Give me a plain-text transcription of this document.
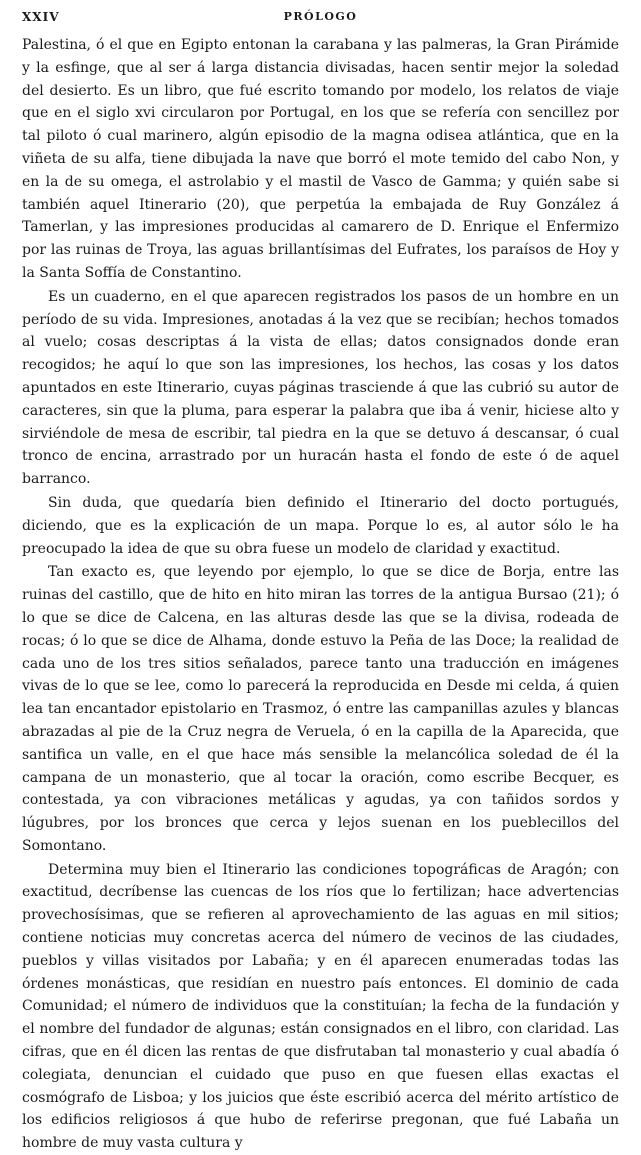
XXIV	PRÓLOGO

Palestina, ó el que en Egipto entonan la carabana y las palmeras, la Gran Pirámide y la esfinge, que al ser á larga distancia divisadas, hacen sentir mejor la soledad del desierto. Es un libro, que fué escrito tomando por modelo, los relatos de viaje que en el siglo xvi circularon por Portugal, en los que se refería con sencillez por tal piloto ó cual marinero, algún episodio de la magna odisea atlántica, que en la viñeta de su alfa, tiene dibujada la nave que borró el mote temido del cabo Non, y en la de su omega, el astrolabio y el mastil de Vasco de Gamma; y quién sabe si también aquel Itinerario (20), que perpetúa la embajada de Ruy González á Tamerlan, y las impresiones producidas al camarero de D. Enrique el Enfermizo por las ruinas de Troya, las aguas brillantísimas del Eufrates, los paraísos de Hoy y la Santa Soffía de Constantino.

Es un cuaderno, en el que aparecen registrados los pasos de un hombre en un período de su vida. Impresiones, anotadas á la vez que se recibían; hechos tomados al vuelo; cosas descriptas á la vista de ellas; datos consignados donde eran recogidos; he aquí lo que son las impresiones, los hechos, las cosas y los datos apuntados en este Itinerario, cuyas páginas trasciende á que las cubrió su autor de caracteres, sin que la pluma, para esperar la palabra que iba á venir, hiciese alto y sirviéndole de mesa de escribir, tal piedra en la que se detuvo á descansar, ó cual tronco de encina, arrastrado por un huracán hasta el fondo de este ó de aquel barranco.

Sin duda, que quedaría bien definido el Itinerario del docto portugués, diciendo, que es la explicación de un mapa. Porque lo es, al autor sólo le ha preocupado la idea de que su obra fuese un modelo de claridad y exactitud.

Tan exacto es, que leyendo por ejemplo, lo que se dice de Borja, entre las ruinas del castillo, que de hito en hito miran las torres de la antigua Bursao (21); ó lo que se dice de Calcena, en las alturas desde las que se la divisa, rodeada de rocas; ó lo que se dice de Alhama, donde estuvo la Peña de las Doce; la realidad de cada uno de los tres sitios señalados, parece tanto una traducción en imágenes vivas de lo que se lee, como lo parecerá la reproducida en Desde mi celda, á quien lea tan encantador epistolario en Trasmoz, ó entre las campanillas azules y blancas abrazadas al pie de la Cruz negra de Veruela, ó en la capilla de la Aparecida, que santifica un valle, en el que hace más sensible la melancólica soledad de él la campana de un monasterio, que al tocar la oración, como escribe Becquer, es contestada, ya con vibraciones metálicas y agudas, ya con tañidos sordos y lúgubres, por los bronces que cerca y lejos suenan en los pueblecillos del Somontano.

Determina muy bien el Itinerario las condiciones topográficas de Aragón; con exactitud, decríbense las cuencas de los ríos que lo fertilizan; hace advertencias provechosísimas, que se refieren al aprovechamiento de las aguas en mil sitios; contiene noticias muy concretas acerca del número de vecinos de las ciudades, pueblos y villas visitados por Labaña; y en él aparecen enumeradas todas las órdenes monásticas, que residían en nuestro país entonces. El dominio de cada Comunidad; el número de individuos que la constituían; la fecha de la fundación y el nombre del fundador de algunas; están consignados en el libro, con claridad. Las cifras, que en él dicen las rentas de que disfrutaban tal monasterio y cual abadía ó colegiata, denuncian el cuidado que puso en que fuesen ellas exactas el cosmógrafo de Lisboa; y los juicios que éste escribió acerca del mérito artístico de los edificios religiosos á que hubo de referirse pregonan, que fué Labaña un hombre de muy vasta cultura y
